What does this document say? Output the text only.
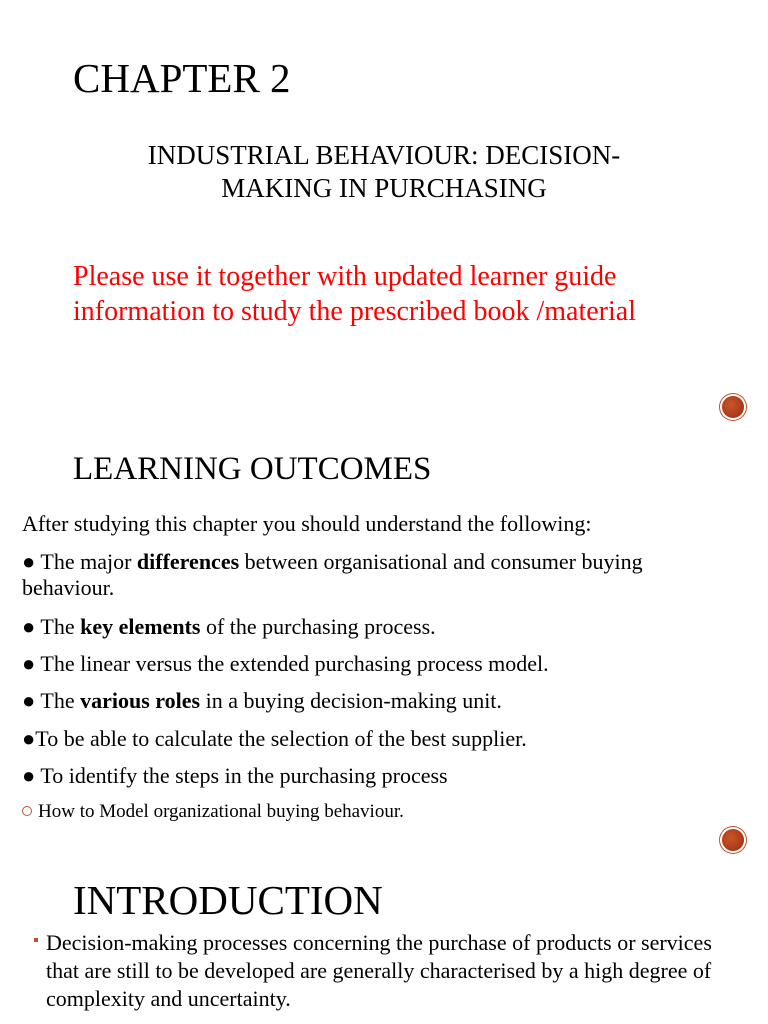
CHAPTER 2
INDUSTRIAL BEHAVIOUR: DECISION-
MAKING IN PURCHASING
Please use it together with updated learner guide information to study the prescribed book /material
LEARNING OUTCOMES
After studying this chapter you should understand the following:
● The major differences between organisational and consumer buying behaviour.
● The key elements of the purchasing process.
● The linear versus the extended purchasing process model.
● The various roles in a buying decision-making unit.
●To be able to calculate the selection of the best supplier.
● To identify the steps in the purchasing process
How to Model organizational buying behaviour.
INTRODUCTION
Decision-making processes concerning the purchase of products or services that are still to be developed are generally characterised by a high degree of complexity and uncertainty.
